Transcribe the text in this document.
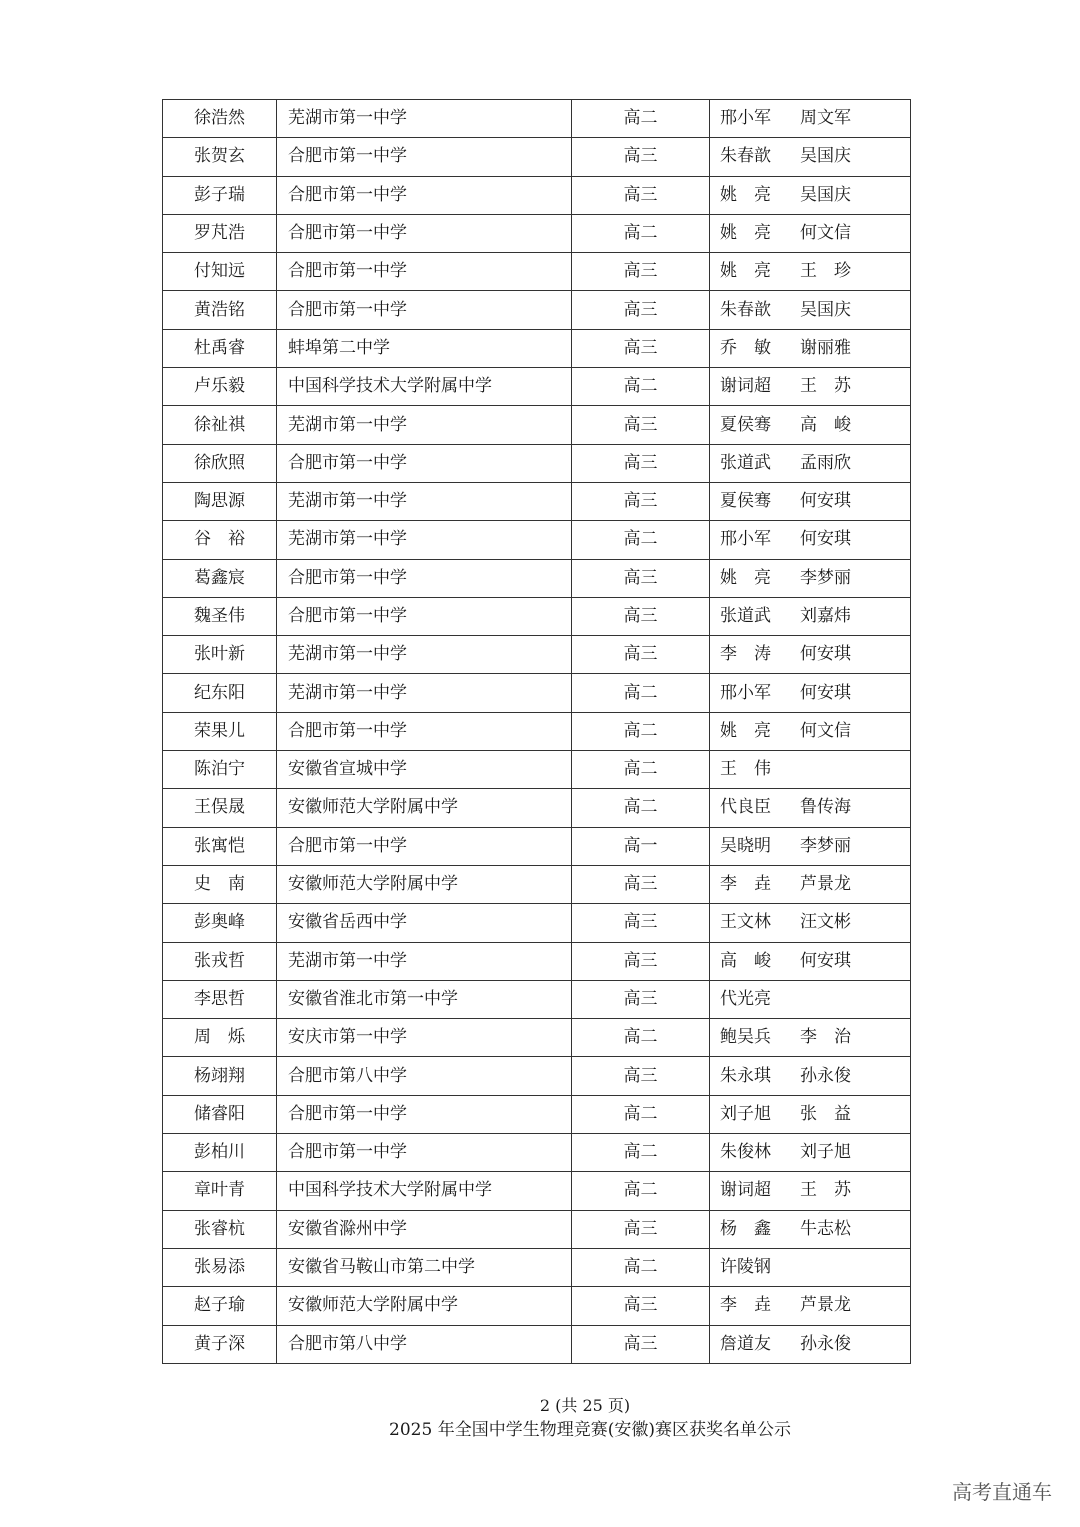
徐浩然	芜湖市第一中学	高二	邢小军 周文军
张贺玄	合肥市第一中学	高三	朱春歆 吴国庆
彭子瑞	合肥市第一中学	高三	姚　亮 吴国庆
罗芃浩	合肥市第一中学	高二	姚　亮 何文信
付知远	合肥市第一中学	高三	姚　亮 王　珍
黄浩铭	合肥市第一中学	高三	朱春歆 吴国庆
杜禹睿	蚌埠第二中学	高三	乔　敏 谢丽雅
卢乐毅	中国科学技术大学附属中学	高二	谢词超 王　苏
徐祉祺	芜湖市第一中学	高三	夏侯骞 高　峻
徐欣照	合肥市第一中学	高三	张道武 孟雨欣
陶思源	芜湖市第一中学	高三	夏侯骞 何安琪
谷　裕	芜湖市第一中学	高二	邢小军 何安琪
葛鑫宸	合肥市第一中学	高三	姚　亮 李梦丽
魏圣伟	合肥市第一中学	高三	张道武 刘嘉炜
张叶新	芜湖市第一中学	高三	李　涛 何安琪
纪东阳	芜湖市第一中学	高二	邢小军 何安琪
荣果儿	合肥市第一中学	高二	姚　亮 何文信
陈泊宁	安徽省宣城中学	高二	王　伟
王俣晟	安徽师范大学附属中学	高二	代良臣 鲁传海
张寓恺	合肥市第一中学	高一	吴晓明 李梦丽
史　南	安徽师范大学附属中学	高三	李　垚 芦景龙
彭奥峰	安徽省岳西中学	高三	王文林 汪文彬
张戎哲	芜湖市第一中学	高三	高　峻 何安琪
李思哲	安徽省淮北市第一中学	高三	代光亮
周　烁	安庆市第一中学	高二	鲍吴兵 李　治
杨翊翔	合肥市第八中学	高三	朱永琪 孙永俊
储睿阳	合肥市第一中学	高二	刘子旭 张　益
彭柏川	合肥市第一中学	高二	朱俊林 刘子旭
章叶青	中国科学技术大学附属中学	高二	谢词超 王　苏
张睿杭	安徽省滁州中学	高三	杨　鑫 牛志松
张易添	安徽省马鞍山市第二中学	高二	许陵钢
赵子瑜	安徽师范大学附属中学	高三	李　垚 芦景龙
黄子深	合肥市第八中学	高三	詹道友 孙永俊
2 (共 25 页)
2025 年全国中学生物理竞赛(安徽)赛区获奖名单公示
高考直通车
